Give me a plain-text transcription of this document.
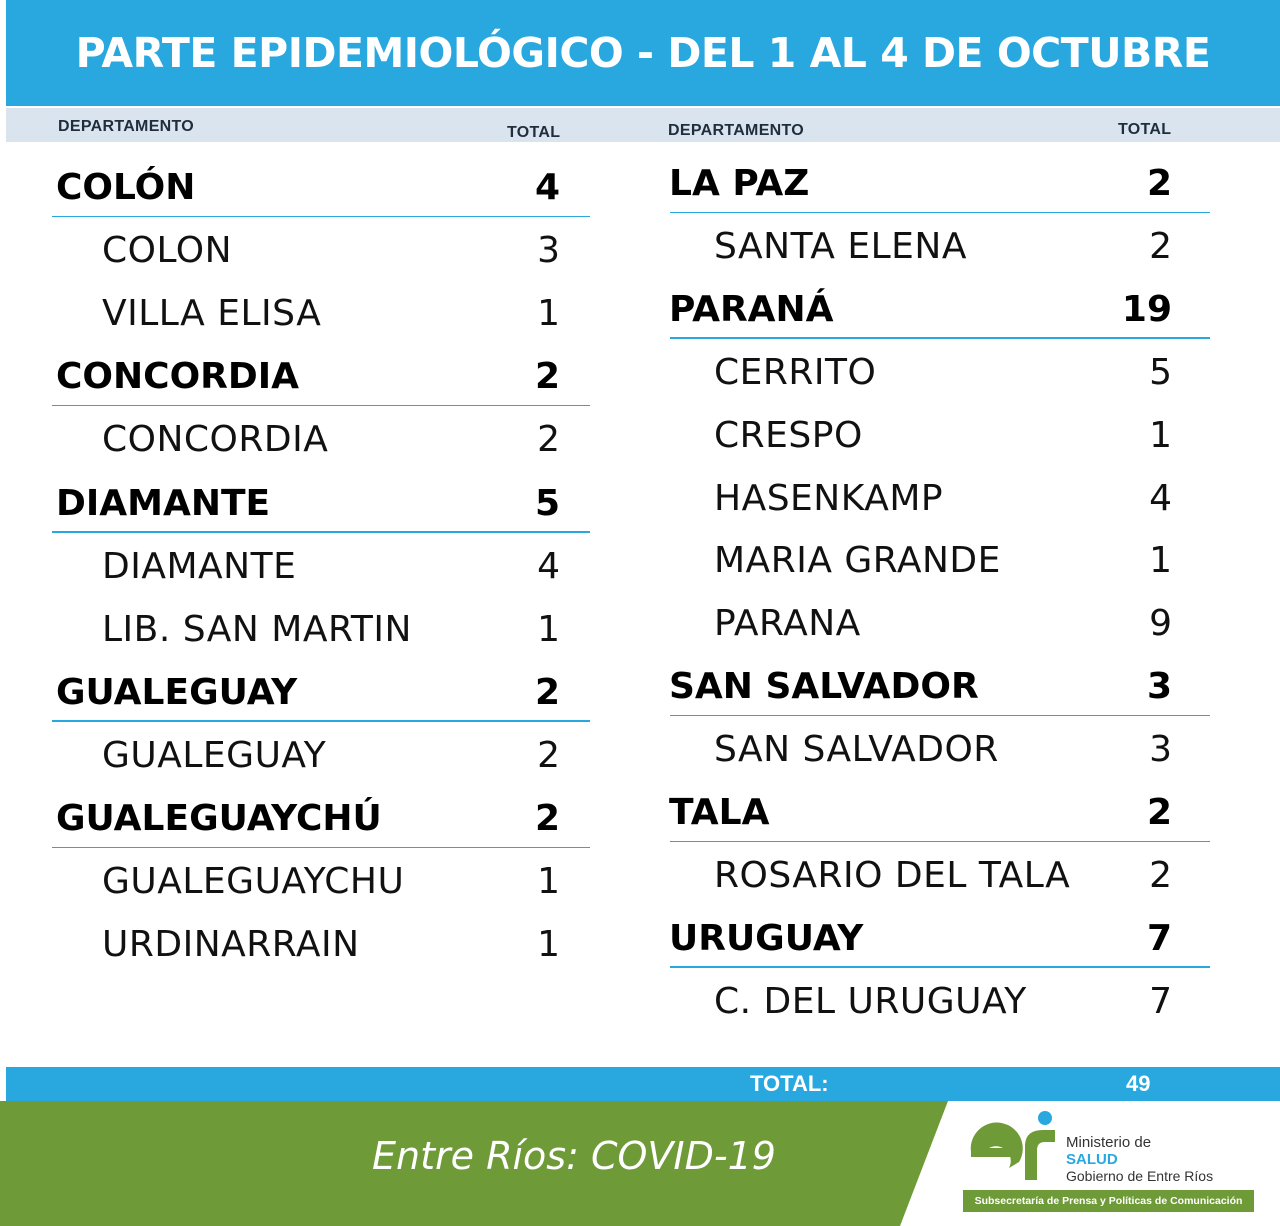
PARTE EPIDEMIOLÓGICO - DEL 1 AL 4 DE OCTUBRE
DEPARTAMENTO	TOTAL	DEPARTAMENTO	TOTAL
COLÓN	4
COLON	3
VILLA ELISA	1
CONCORDIA	2
CONCORDIA	2
DIAMANTE	5
DIAMANTE	4
LIB. SAN MARTIN	1
GUALEGUAY	2
GUALEGUAY	2
GUALEGUAYCHÚ	2
GUALEGUAYCHU	1
URDINARRAIN	1
LA PAZ	2
SANTA ELENA	2
PARANÁ	19
CERRITO	5
CRESPO	1
HASENKAMP	4
MARIA GRANDE	1
PARANA	9
SAN SALVADOR	3
SAN SALVADOR	3
TALA	2
ROSARIO DEL TALA 2
URUGUAY	7
C. DEL URUGUAY	7
TOTAL:	49
Entre Ríos: COVID-19	Ministerio de
SALUD
Gobierno de Entre Ríos
Subsecretaría de Prensa y Políticas de Comunicación
